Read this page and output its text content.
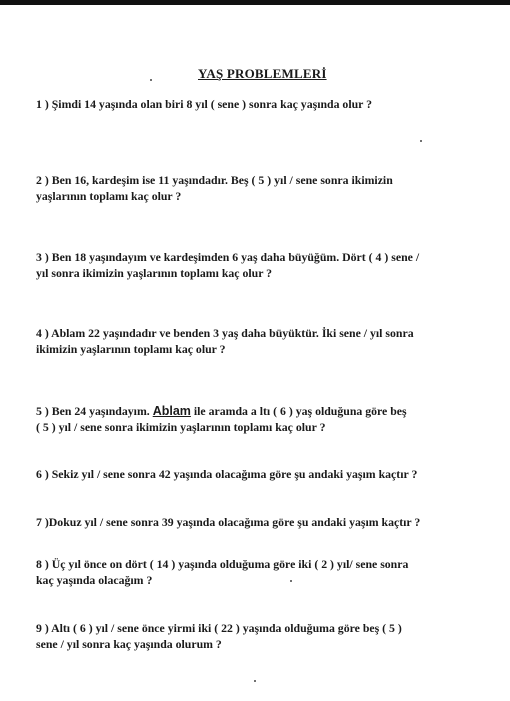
YAŞ PROBLEMLERİ
1 ) Şimdi 14 yaşında olan biri 8 yıl ( sene ) sonra kaç yaşında olur ?
2 ) Ben 16, kardeşim ise 11 yaşındadır. Beş ( 5 ) yıl / sene sonra ikimizin
yaşlarının toplamı kaç olur ?
3 ) Ben 18 yaşındayım ve kardeşimden 6 yaş daha büyüğüm. Dört ( 4 ) sene /
yıl sonra ikimizin yaşlarının toplamı kaç olur ?
4 ) Ablam 22 yaşındadır ve benden 3 yaş daha büyüktür. İki sene / yıl sonra
ikimizin yaşlarının toplamı kaç olur ?
5 ) Ben 24 yaşındayım. Ablam ile aramda a ltı ( 6 ) yaş olduğuna göre beş
( 5 ) yıl / sene sonra ikimizin yaşlarının toplamı kaç olur ?
6 ) Sekiz yıl / sene sonra 42 yaşında olacağıma göre şu andaki yaşım kaçtır ?
7 )Dokuz yıl / sene sonra 39 yaşında olacağıma göre şu andaki yaşım kaçtır ?
8 ) Üç yıl önce on dört ( 14 ) yaşında olduğuma göre iki ( 2 ) yıl/ sene sonra
kaç yaşında olacağım ?
9 ) Altı ( 6 ) yıl / sene önce yirmi iki ( 22 ) yaşında olduğuma göre beş ( 5 )
sene / yıl sonra kaç yaşında olurum ?
